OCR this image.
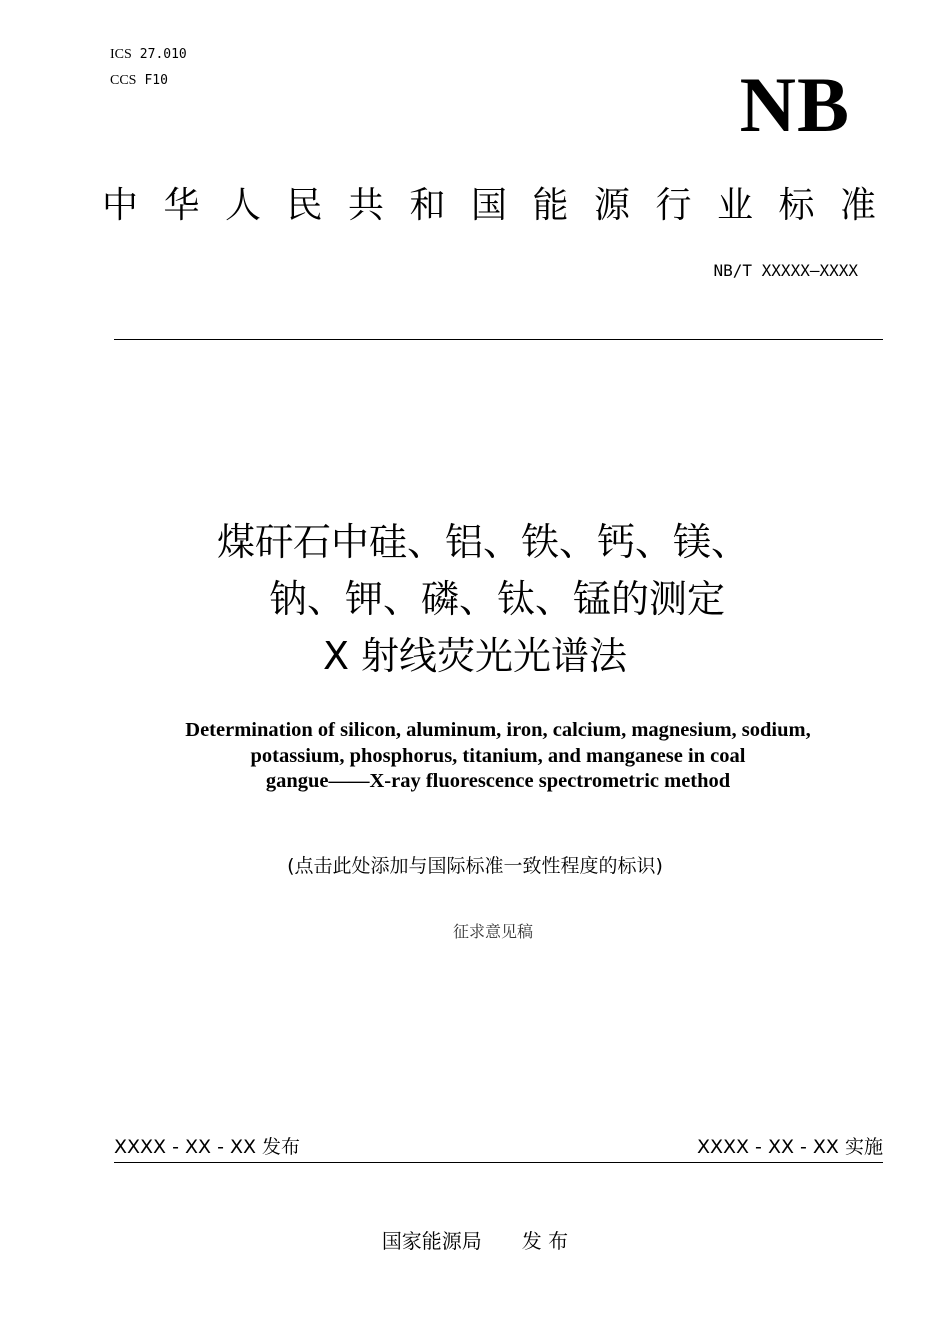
ICS 27.010
CCS F10	NB
中华人民共和国能源行业标准
NB/T XXXXX—XXXX
煤矸石中硅、铝、铁、钙、镁、
钠、钾、磷、钛、锰的测定
X 射线荧光光谱法
Determination of silicon, aluminum, iron, calcium, magnesium, sodium,
potassium, phosphorus, titanium, and manganese in coal
gangue——X-ray fluorescence spectrometric method
(点击此处添加与国际标准一致性程度的标识)
征求意见稿
XXXX - XX - XX 发布	XXXX - XX - XX 实施
国家能源局　　发 布
